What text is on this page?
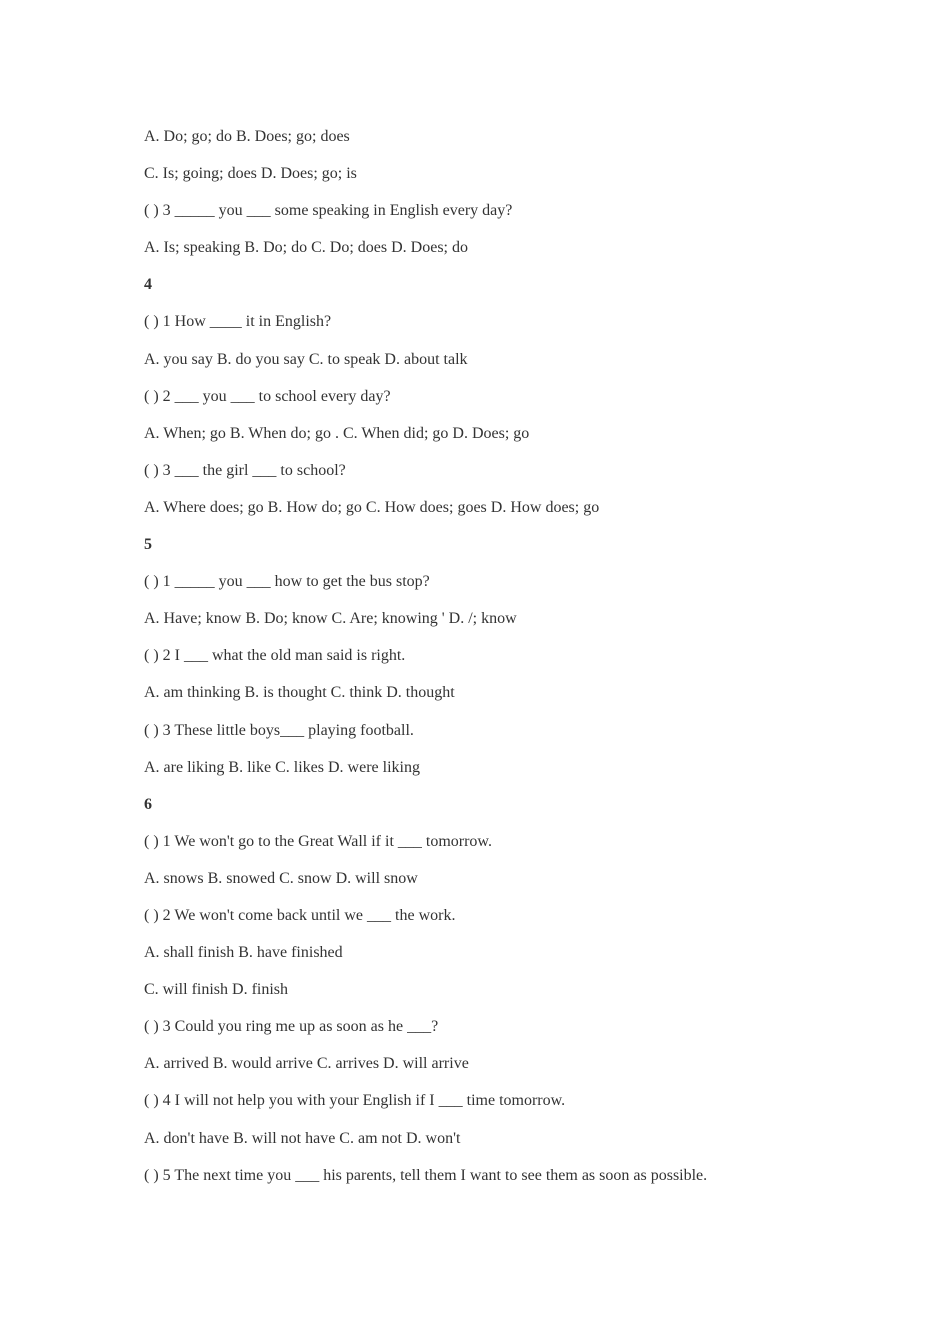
A. Do; go; do B. Does; go; does
C. Is; going; does D. Does; go; is
( ) 3 _____ you ___ some speaking in English every day?
A. Is; speaking B. Do; do C. Do; does D. Does; do
4
( ) 1 How ____ it in English?
A. you say B. do you say C. to speak D. about talk
( ) 2 ___ you ___ to school every day?
A. When; go B. When do; go . C. When did; go D. Does; go
( ) 3 ___ the girl ___ to school?
A. Where does; go B. How do; go C. How does; goes D. How does; go
5
( ) 1 _____ you ___ how to get the bus stop?
A. Have; know B. Do; know C. Are; knowing ' D. /; know
( ) 2 I ___ what the old man said is right.
A. am thinking B. is thought C. think D. thought
( ) 3 These little boys___ playing football.
A. are liking B. like C. likes D. were liking
6
( ) 1 We won't go to the Great Wall if it ___ tomorrow.
A. snows B. snowed C. snow D. will snow
( ) 2 We won't come back until we ___ the work.
A. shall finish B. have finished
C. will finish D. finish
( ) 3 Could you ring me up as soon as he ___?
A. arrived B. would arrive C. arrives D. will arrive
( ) 4 I will not help you with your English if I ___ time tomorrow.
A. don't have B. will not have C. am not D. won't
( ) 5 The next time you ___ his parents, tell them I want to see them as soon as possible.
